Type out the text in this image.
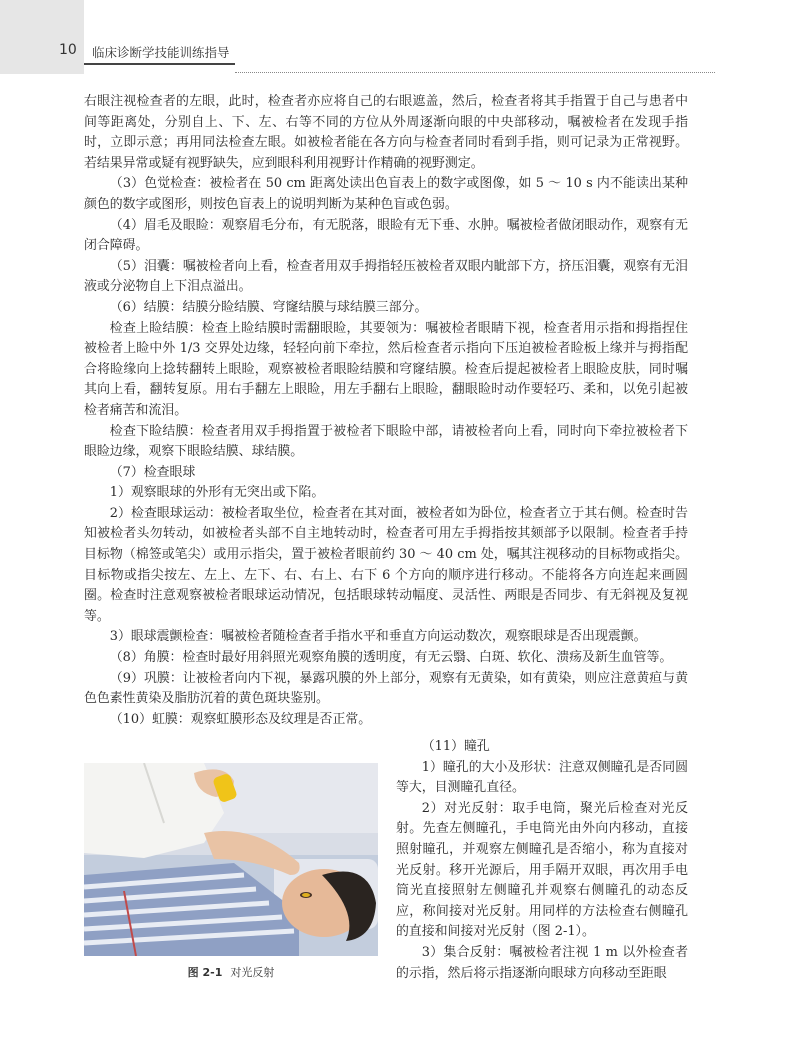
10 临床诊断学技能训练指导

右眼注视检查者的左眼，此时，检查者亦应将自己的右眼遮盖，然后，检查者将其手指置于自己与患者中间等距离处，分别自上、下、左、右等不同的方位从外周逐渐向眼的中央部移动，嘱被检者在发现手指时，立即示意；再用同法检查左眼。如被检者能在各方向与检查者同时看到手指，则可记录为正常视野。若结果异常或疑有视野缺失，应到眼科利用视野计作精确的视野测定。

（3）色觉检查：被检者在 50 cm 距离处读出色盲表上的数字或图像，如 5 ～ 10 s 内不能读出某种颜色的数字或图形，则按色盲表上的说明判断为某种色盲或色弱。

（4）眉毛及眼睑：观察眉毛分布，有无脱落，眼睑有无下垂、水肿。嘱被检者做闭眼动作，观察有无闭合障碍。

（5）泪囊：嘱被检者向上看，检查者用双手拇指轻压被检者双眼内眦部下方，挤压泪囊，观察有无泪液或分泌物自上下泪点溢出。

（6）结膜：结膜分睑结膜、穹窿结膜与球结膜三部分。

检查上睑结膜：检查上睑结膜时需翻眼睑，其要领为：嘱被检者眼睛下视，检查者用示指和拇指捏住被检者上睑中外 1/3 交界处边缘，轻轻向前下牵拉，然后检查者示指向下压迫被检者睑板上缘并与拇指配合将睑缘向上捻转翻转上眼睑，观察被检者眼睑结膜和穹窿结膜。检查后提起被检者上眼睑皮肤，同时嘱其向上看，翻转复原。用右手翻左上眼睑，用左手翻右上眼睑，翻眼睑时动作要轻巧、柔和，以免引起被检者痛苦和流泪。

检查下睑结膜：检查者用双手拇指置于被检者下眼睑中部，请被检者向上看，同时向下牵拉被检者下眼睑边缘，观察下眼睑结膜、球结膜。

（7）检查眼球

1）观察眼球的外形有无突出或下陷。

2）检查眼球运动：被检者取坐位，检查者在其对面，被检者如为卧位，检查者立于其右侧。检查时告知被检者头勿转动，如被检者头部不自主地转动时，检查者可用左手拇指按其颏部予以限制。检查者手持目标物（棉签或笔尖）或用示指尖，置于被检者眼前约 30 ～ 40 cm 处，嘱其注视移动的目标物或指尖。目标物或指尖按左、左上、左下、右、右上、右下 6 个方向的顺序进行移动。不能将各方向连起来画圆圈。检查时注意观察被检者眼球运动情况，包括眼球转动幅度、灵活性、两眼是否同步、有无斜视及复视等。

3）眼球震颤检查：嘱被检者随检查者手指水平和垂直方向运动数次，观察眼球是否出现震颤。

（8）角膜：检查时最好用斜照光观察角膜的透明度，有无云翳、白斑、软化、溃疡及新生血管等。

（9）巩膜：让被检者向内下视，暴露巩膜的外上部分，观察有无黄染，如有黄染，则应注意黄疸与黄色色素性黄染及脂肪沉着的黄色斑块鉴别。

（10）虹膜：观察虹膜形态及纹理是否正常。

图 2-1 对光反射

（11）瞳孔

1）瞳孔的大小及形状：注意双侧瞳孔是否同圆等大，目测瞳孔直径。

2）对光反射：取手电筒，聚光后检查对光反射。先查左侧瞳孔，手电筒光由外向内移动，直接照射瞳孔，并观察左侧瞳孔是否缩小，称为直接对光反射。移开光源后，用手隔开双眼，再次用手电筒光直接照射左侧瞳孔并观察右侧瞳孔的动态反应，称间接对光反射。用同样的方法检查右侧瞳孔的直接和间接对光反射（图 2-1）。

3）集合反射：嘱被检者注视 1 m 以外检查者的示指，然后将示指逐渐向眼球方向移动至距眼
